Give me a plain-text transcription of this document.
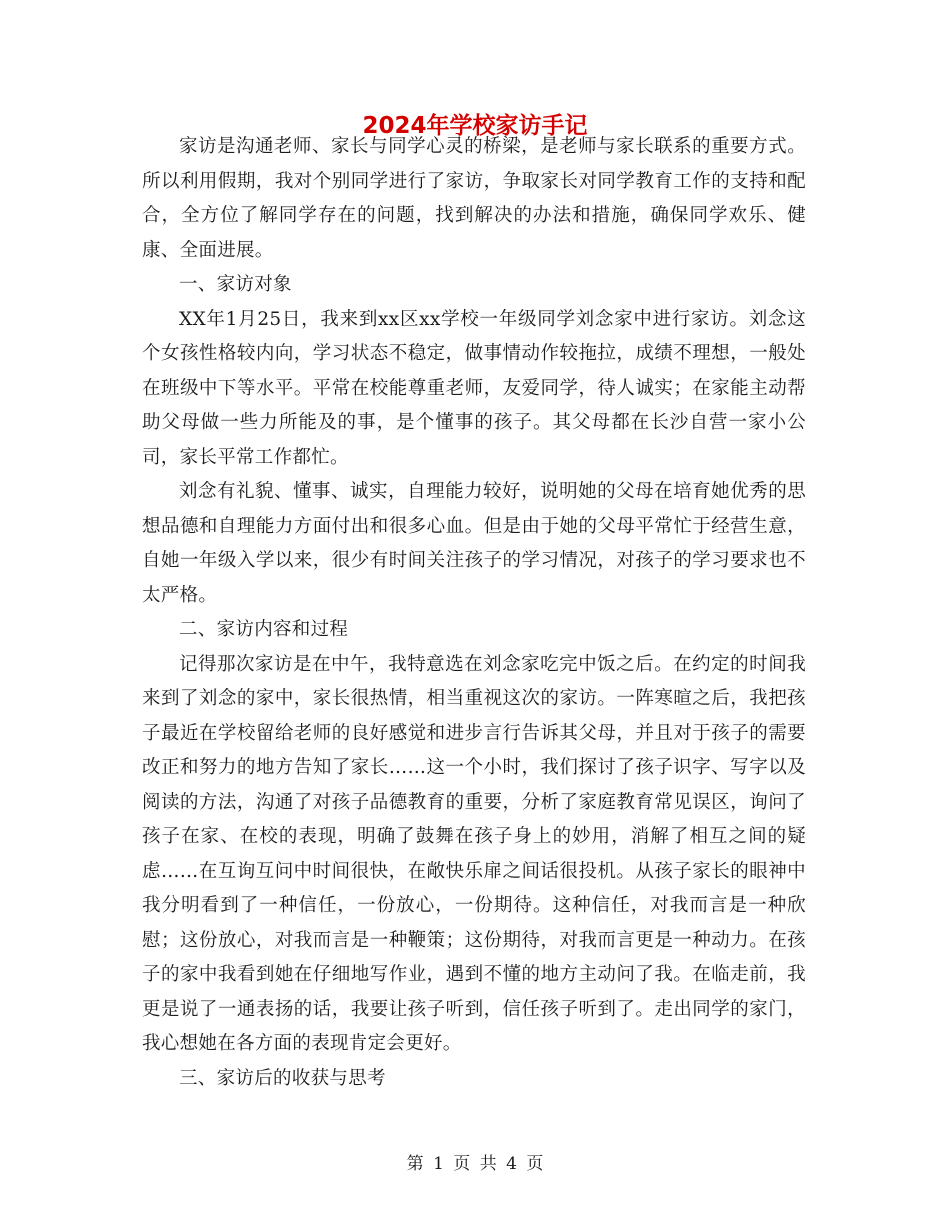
2024年学校家访手记

家访是沟通老师、家长与同学心灵的桥梁，是老师与家长联系的重要方式。所以利用假期，我对个别同学进行了家访，争取家长对同学教育工作的支持和配合，全方位了解同学存在的问题，找到解决的办法和措施，确保同学欢乐、健康、全面进展。

一、家访对象

XX年1月25日，我来到xx区xx学校一年级同学刘念家中进行家访。刘念这个女孩性格较内向，学习状态不稳定，做事情动作较拖拉，成绩不理想，一般处在班级中下等水平。平常在校能尊重老师，友爱同学，待人诚实；在家能主动帮助父母做一些力所能及的事，是个懂事的孩子。其父母都在长沙自营一家小公司，家长平常工作都忙。

刘念有礼貌、懂事、诚实，自理能力较好，说明她的父母在培育她优秀的思想品德和自理能力方面付出和很多心血。但是由于她的父母平常忙于经营生意，自她一年级入学以来，很少有时间关注孩子的学习情况，对孩子的学习要求也不太严格。

二、家访内容和过程

记得那次家访是在中午，我特意选在刘念家吃完中饭之后。在约定的时间我来到了刘念的家中，家长很热情，相当重视这次的家访。一阵寒暄之后，我把孩子最近在学校留给老师的良好感觉和进步言行告诉其父母，并且对于孩子的需要改正和努力的地方告知了家长……这一个小时，我们探讨了孩子识字、写字以及阅读的方法，沟通了对孩子品德教育的重要，分析了家庭教育常见误区，询问了孩子在家、在校的表现，明确了鼓舞在孩子身上的妙用，消解了相互之间的疑虑……在互询互问中时间很快，在敞快乐扉之间话很投机。从孩子家长的眼神中我分明看到了一种信任，一份放心，一份期待。这种信任，对我而言是一种欣慰；这份放心，对我而言是一种鞭策；这份期待，对我而言更是一种动力。在孩子的家中我看到她在仔细地写作业，遇到不懂的地方主动问了我。在临走前，我更是说了一通表扬的话，我要让孩子听到，信任孩子听到了。走出同学的家门，我心想她在各方面的表现肯定会更好。

三、家访后的收获与思考

第 1 页 共 4 页
